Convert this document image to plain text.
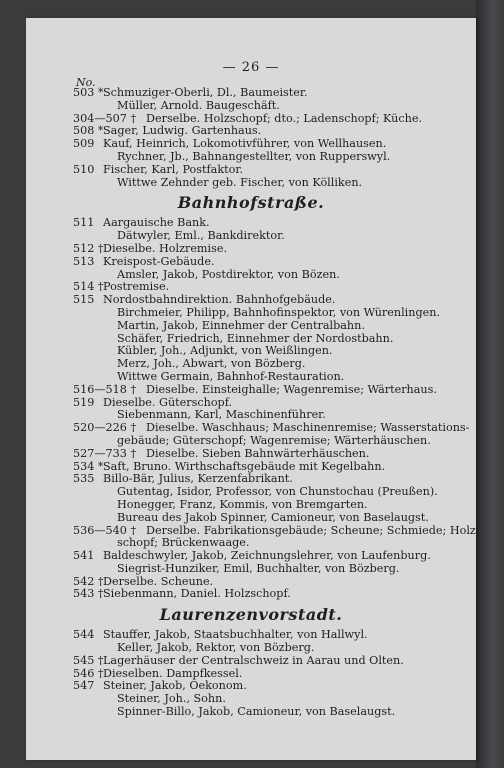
— 26 —
No.
503 * Schmuziger-Oberli, Dl., Baumeister.
Müller, Arnold. Baugeschäft.
304—507 † Derselbe. Holzschopf; dto.; Ladenschopf; Küche.
508 * Sager, Ludwig. Gartenhaus.
509 Kauf, Heinrich, Lokomotivführer, von Wellhausen.
Rychner, Jb., Bahnangestellter, von Rupperswyl.
510 Fischer, Karl, Postfaktor.
Wittwe Zehnder geb. Fischer, von Kölliken.
Bahnhofstraße.
511 Aargauische Bank.
Dätwyler, Eml., Bankdirektor.
512 † Dieselbe. Holzremise.
513 Kreispost-Gebäude.
Amsler, Jakob, Postdirektor, von Bözen.
514 † Postremise.
515 Nordostbahndirektion. Bahnhofgebäude.
Birchmeier, Philipp, Bahnhofinspektor, von Würenlingen.
Martin, Jakob, Einnehmer der Centralbahn.
Schäfer, Friedrich, Einnehmer der Nordostbahn.
Kübler, Joh., Adjunkt, von Weißlingen.
Merz, Joh., Abwart, von Bözberg.
Wittwe Germain, Bahnhof-Restauration.
516—518 † Dieselbe. Einsteighalle; Wagenremise; Wärterhaus.
519 Dieselbe. Güterschopf.
Siebenmann, Karl, Maschinenführer.
520—226 † Dieselbe. Waschhaus; Maschinenremise; Wasserstations-
gebäude; Güterschopf; Wagenremise; Wärterhäuschen.
527—733 † Dieselbe. Sieben Bahnwärterhäuschen.
534 * Saft, Bruno. Wirthschaftsgebäude mit Kegelbahn.
535 Billo-Bär, Julius, Kerzenfabrikant.
Gutentag, Isidor, Professor, von Chunstochau (Preußen).
Honegger, Franz, Kommis, von Bremgarten.
Bureau des Jakob Spinner, Camioneur, von Baselaugst.
536—540 † Derselbe. Fabrikationsgebäude; Scheune; Schmiede; Holz-
schopf; Brückenwaage.
541 Baldeschwyler, Jakob, Zeichnungslehrer, von Laufenburg.
Siegrist-Hunziker, Emil, Buchhalter, von Bözberg.
542 † Derselbe. Scheune.
543 † Siebenmann, Daniel. Holzschopf.
Laurenzenvorstadt.
544 Stauffer, Jakob, Staatsbuchhalter, von Hallwyl.
Keller, Jakob, Rektor, von Bözberg.
545 † Lagerhäuser der Centralschweiz in Aarau und Olten.
546 † Dieselben. Dampfkessel.
547 Steiner, Jakob, Oekonom.
Steiner, Joh., Sohn.
Spinner-Billo, Jakob, Camioneur, von Baselaugst.
